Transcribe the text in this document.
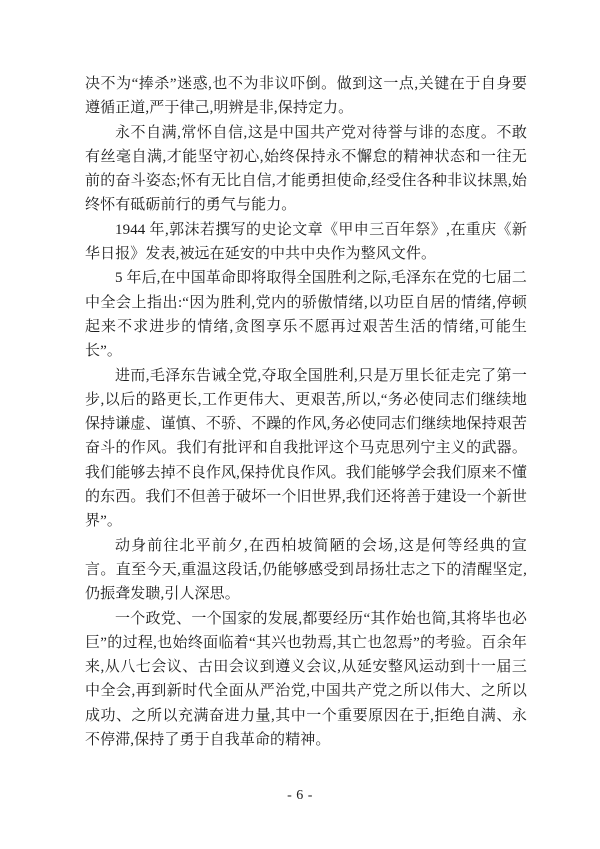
决不为“捧杀”迷惑,也不为非议吓倒。做到这一点,关键在于自身要遵循正道,严于律己,明辨是非,保持定力。

永不自满,常怀自信,这是中国共产党对待誉与诽的态度。不敢有丝毫自满,才能坚守初心,始终保持永不懈怠的精神状态和一往无前的奋斗姿态;怀有无比自信,才能勇担使命,经受住各种非议抹黑,始终怀有砥砺前行的勇气与能力。

1944 年,郭沫若撰写的史论文章《甲申三百年祭》,在重庆《新华日报》发表,被远在延安的中共中央作为整风文件。

5 年后,在中国革命即将取得全国胜利之际,毛泽东在党的七届二中全会上指出:“因为胜利,党内的骄傲情绪,以功臣自居的情绪,停顿起来不求进步的情绪,贪图享乐不愿再过艰苦生活的情绪,可能生长”。

进而,毛泽东告诫全党,夺取全国胜利,只是万里长征走完了第一步,以后的路更长,工作更伟大、更艰苦,所以,“务必使同志们继续地保持谦虚、谨慎、不骄、不躁的作风,务必使同志们继续地保持艰苦奋斗的作风。我们有批评和自我批评这个马克思列宁主义的武器。我们能够去掉不良作风,保持优良作风。我们能够学会我们原来不懂的东西。我们不但善于破坏一个旧世界,我们还将善于建设一个新世界”。

动身前往北平前夕,在西柏坡简陋的会场,这是何等经典的宣言。直至今天,重温这段话,仍能够感受到昂扬壮志之下的清醒坚定,仍振聋发聩,引人深思。

一个政党、一个国家的发展,都要经历“其作始也简,其将毕也必巨”的过程,也始终面临着“其兴也勃焉,其亡也忽焉”的考验。百余年来,从八七会议、古田会议到遵义会议,从延安整风运动到十一届三中全会,再到新时代全面从严治党,中国共产党之所以伟大、之所以成功、之所以充满奋进力量,其中一个重要原因在于,拒绝自满、永不停滞,保持了勇于自我革命的精神。

- 6 -
